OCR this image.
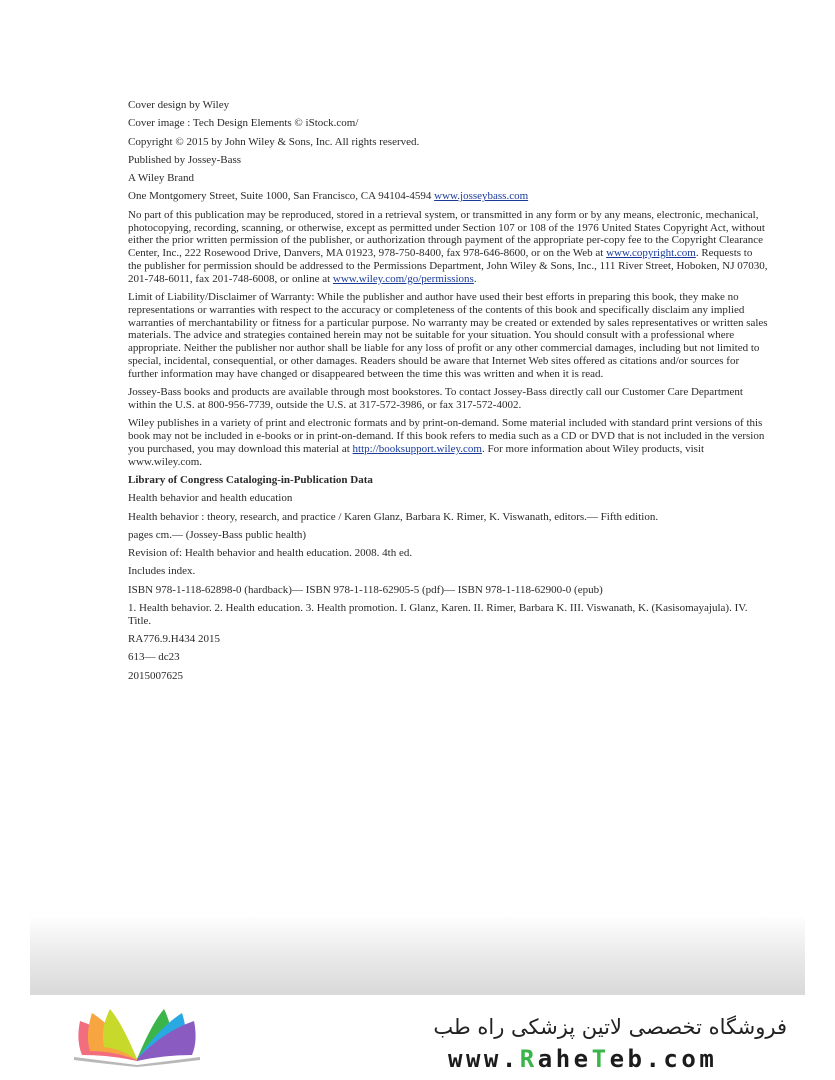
Cover design by Wiley

Cover image : Tech Design Elements © iStock.com/

Copyright © 2015 by John Wiley & Sons, Inc. All rights reserved.

Published by Jossey-Bass

A Wiley Brand

One Montgomery Street, Suite 1000, San Francisco, CA 94104-4594 www.josseybass.com

No part of this publication may be reproduced, stored in a retrieval system, or transmitted in any form or by any means, electronic, mechanical, photocopying, recording, scanning, or otherwise, except as permitted under Section 107 or 108 of the 1976 United States Copyright Act, without either the prior written permission of the publisher, or authorization through payment of the appropriate per-copy fee to the Copyright Clearance Center, Inc., 222 Rosewood Drive, Danvers, MA 01923, 978-750-8400, fax 978-646-8600, or on the Web at www.copyright.com. Requests to the publisher for permission should be addressed to the Permissions Department, John Wiley & Sons, Inc., 111 River Street, Hoboken, NJ 07030, 201-748-6011, fax 201-748-6008, or online at www.wiley.com/go/permissions.

Limit of Liability/Disclaimer of Warranty: While the publisher and author have used their best efforts in preparing this book, they make no representations or warranties with respect to the accuracy or completeness of the contents of this book and specifically disclaim any implied warranties of merchantability or fitness for a particular purpose. No warranty may be created or extended by sales representatives or written sales materials. The advice and strategies contained herein may not be suitable for your situation. You should consult with a professional where appropriate. Neither the publisher nor author shall be liable for any loss of profit or any other commercial damages, including but not limited to special, incidental, consequential, or other damages. Readers should be aware that Internet Web sites offered as citations and/or sources for further information may have changed or disappeared between the time this was written and when it is read.

Jossey-Bass books and products are available through most bookstores. To contact Jossey-Bass directly call our Customer Care Department within the U.S. at 800-956-7739, outside the U.S. at 317-572-3986, or fax 317-572-4002.

Wiley publishes in a variety of print and electronic formats and by print-on-demand. Some material included with standard print versions of this book may not be included in e-books or in print-on-demand. If this book refers to media such as a CD or DVD that is not included in the version you purchased, you may download this material at http://booksupport.wiley.com. For more information about Wiley products, visit www.wiley.com.

Library of Congress Cataloging-in-Publication Data

Health behavior and health education

Health behavior : theory, research, and practice / Karen Glanz, Barbara K. Rimer, K. Viswanath, editors.— Fifth edition.

pages cm.— (Jossey-Bass public health)

Revision of: Health behavior and health education. 2008. 4th ed.

Includes index.

ISBN 978-1-118-62898-0 (hardback)— ISBN 978-1-118-62905-5 (pdf)— ISBN 978-1-118-62900-0 (epub)

1. Health behavior. 2. Health education. 3. Health promotion. I. Glanz, Karen. II. Rimer, Barbara K. III. Viswanath, K. (Kasisomayajula). IV. Title.

RA776.9.H434 2015

613— dc23

2015007625

فروشگاه تخصصی لاتین پزشکی راه طب
www.RaheTeb.com
